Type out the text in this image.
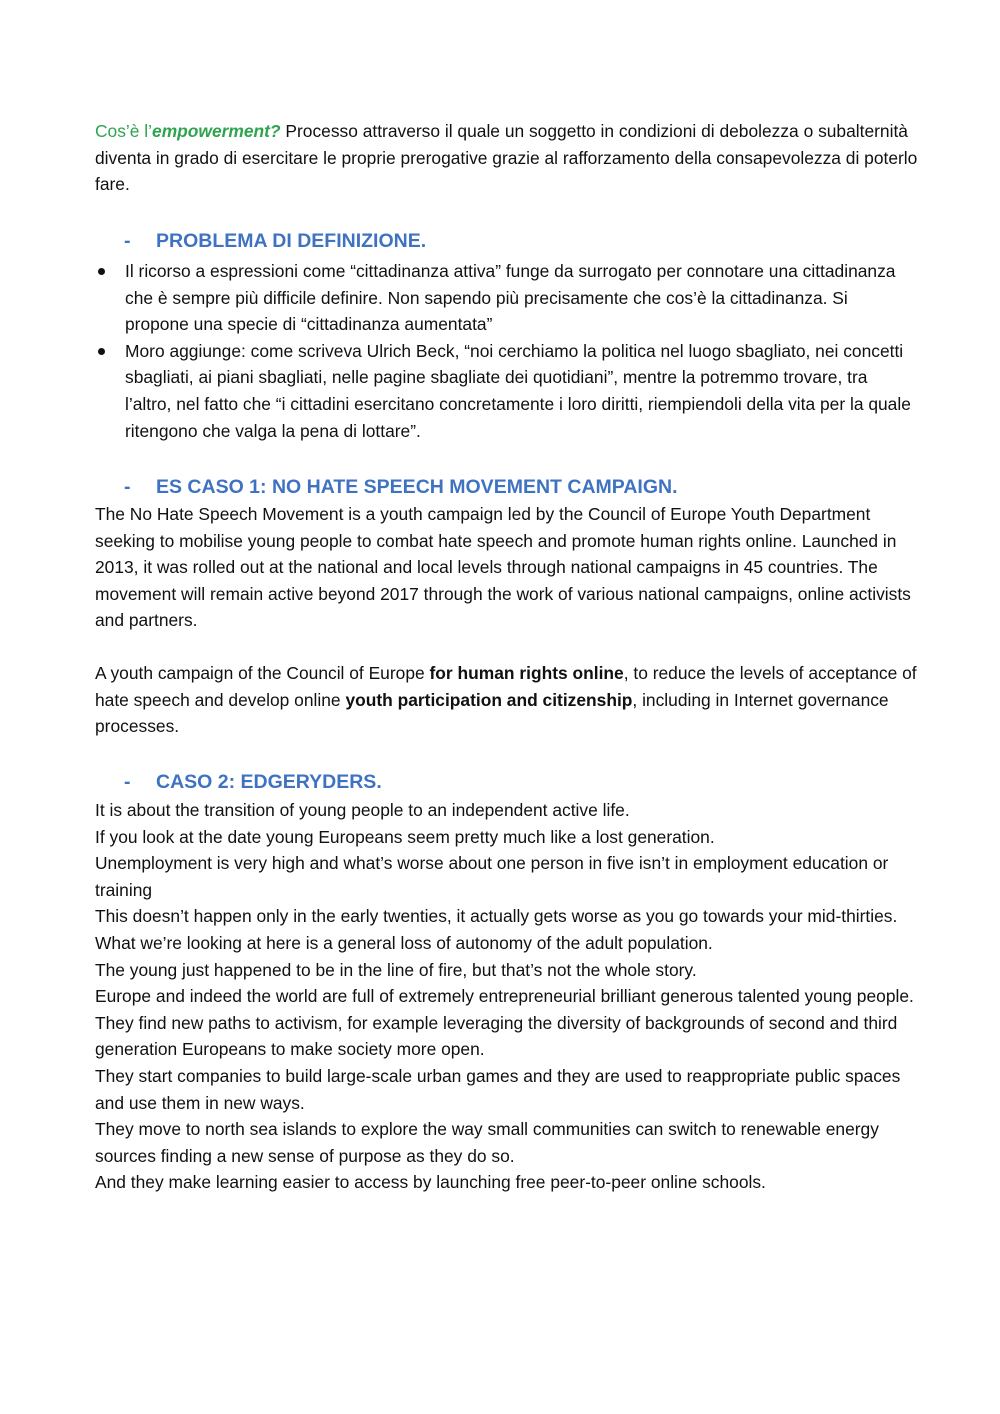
Cos’è l’empowerment? Processo attraverso il quale un soggetto in condizioni di debolezza o subalternità diventa in grado di esercitare le proprie prerogative grazie al rafforzamento della consapevolezza di poterlo fare.

- PROBLEMA DI DEFINIZIONE.
Il ricorso a espressioni come “cittadinanza attiva” funge da surrogato per connotare una cittadinanza che è sempre più difficile definire. Non sapendo più precisamente che cos’è la cittadinanza. Si propone una specie di “cittadinanza aumentata”
Moro aggiunge: come scriveva Ulrich Beck, “noi cerchiamo la politica nel luogo sbagliato, nei concetti sbagliati, ai piani sbagliati, nelle pagine sbagliate dei quotidiani”, mentre la potremmo trovare, tra l’altro, nel fatto che “i cittadini esercitano concretamente i loro diritti, riempiendoli della vita per la quale ritengono che valga la pena di lottare”.
- ES CASO 1: NO HATE SPEECH MOVEMENT CAMPAIGN.

The No Hate Speech Movement is a youth campaign led by the Council of Europe Youth Department seeking to mobilise young people to combat hate speech and promote human rights online. Launched in 2013, it was rolled out at the national and local levels through national campaigns in 45 countries. The movement will remain active beyond 2017 through the work of various national campaigns, online activists and partners.

A youth campaign of the Council of Europe for human rights online, to reduce the levels of acceptance of hate speech and develop online youth participation and citizenship, including in Internet governance processes.

- CASO 2: EDGERYDERS.
It is about the transition of young people to an independent active life.
If you look at the date young Europeans seem pretty much like a lost generation.
Unemployment is very high and what’s worse about one person in five isn’t in employment education or training
This doesn’t happen only in the early twenties, it actually gets worse as you go towards your mid-thirties.
What we’re looking at here is a general loss of autonomy of the adult population.
The young just happened to be in the line of fire, but that’s not the whole story.
Europe and indeed the world are full of extremely entrepreneurial brilliant generous talented young people.
They find new paths to activism, for example leveraging the diversity of backgrounds of second and third generation Europeans to make society more open.
They start companies to build large-scale urban games and they are used to reappropriate public spaces and use them in new ways.
They move to north sea islands to explore the way small communities can switch to renewable energy sources finding a new sense of purpose as they do so.
And they make learning easier to access by launching free peer-to-peer online schools.
